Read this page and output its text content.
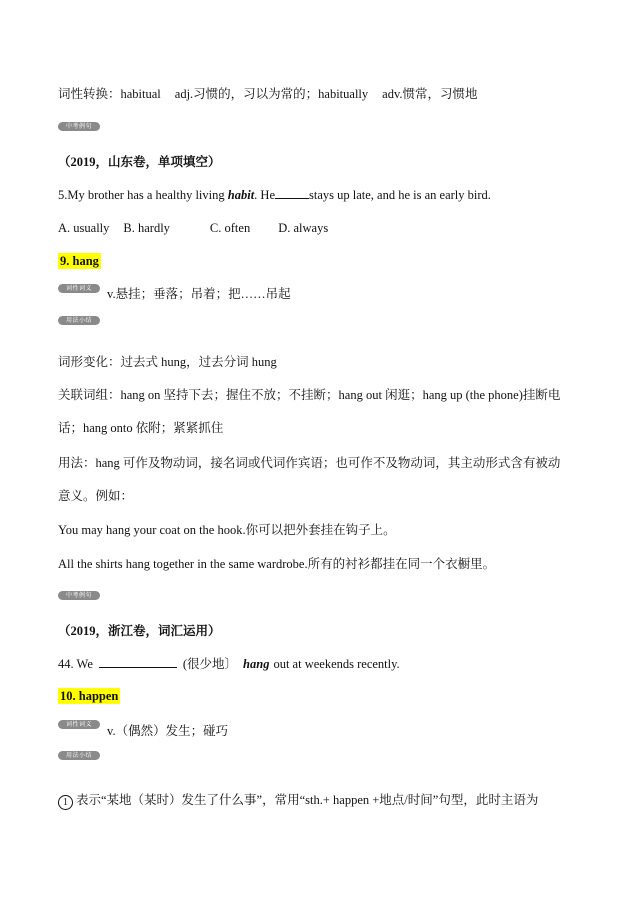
词性转换：habitual adj.习惯的，习以为常的；habitually adv.惯常，习惯地
中考例句
（2019，山东卷，单项填空）
5.My brother has a healthy living habit. He	stays up late, and he is an early bird.
A. usually B. hardly	C. often D. always
9. hang
词性词义	v.悬挂；垂落；吊着；把……吊起
用法小结
词形变化：过去式 hung，过去分词 hung
关联词组：hang on 坚持下去；握住不放；不挂断；hang out 闲逛；hang up (the phone)挂断电
话；hang onto 依附；紧紧抓住
用法：hang 可作及物动词，接名词或代词作宾语；也可作不及物动词，其主动形式含有被动
意义。例如：
You may hang your coat on the hook.你可以把外套挂在钩子上。
All the shirts hang together in the same wardrobe.所有的衬衫都挂在同一个衣橱里。
中考例句
（2019，浙江卷，词汇运用）
44. We	(很少地〕 hang out at weekends recently.
10. happen
词性词义	v.（偶然）发生；碰巧
用法小结
1 表示“某地（某时）发生了什么事”，常用“sth.+ happen +地点/时间”句型，此时主语为
